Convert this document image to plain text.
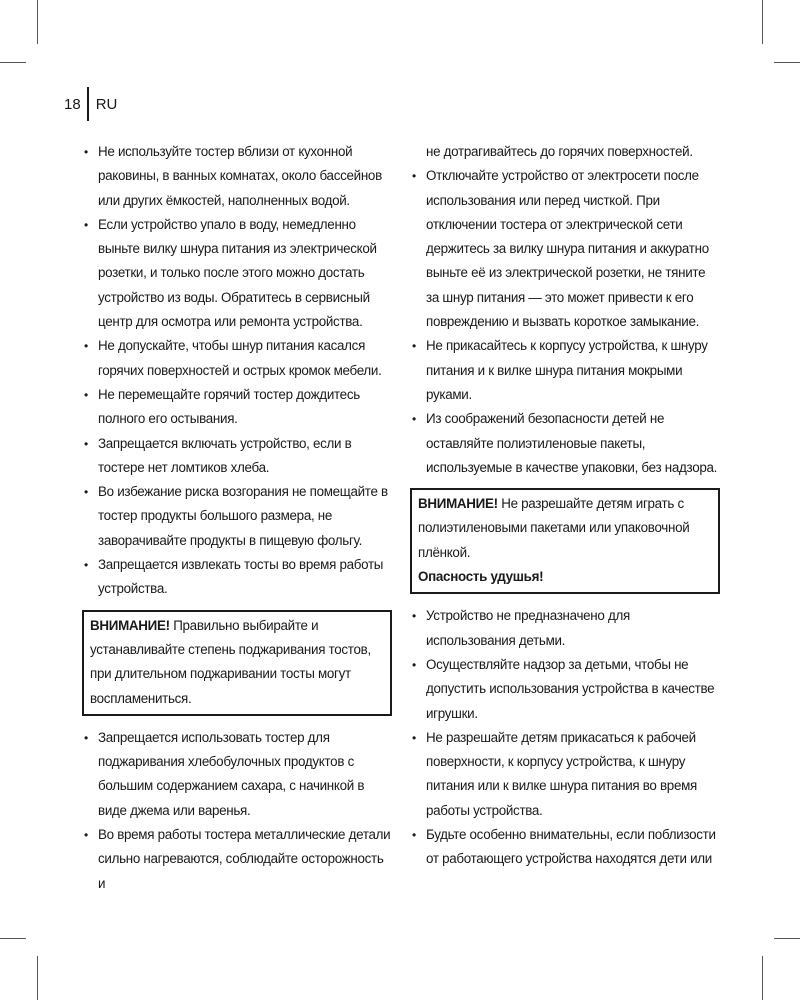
18	RU
• Не используйте тостер вблизи от кухонной раковины, в ванных комнатах, около бассейнов или других ёмкостей, наполненных водой.
• Если устройство упало в воду, немедленно выньте вилку шнура питания из электрической розетки, и только после этого можно достать устройство из воды. Обратитесь в сервисный центр для осмотра или ремонта устройства.
• Не допускайте, чтобы шнур питания касался горячих поверхностей и острых кромок мебели.
• Не перемещайте горячий тостер дождитесь полного его остывания.
• Запрещается включать устройство, если в тостере нет ломтиков хлеба.
• Во избежание риска возгорания не помещайте в тостер продукты большого размера, не заворачивайте продукты в пищевую фольгу.
• Запрещается извлекать тосты во время работы устройства.
ВНИМАНИЕ! Правильно выбирайте и устанавливайте степень поджаривания тостов, при длительном поджаривании тосты могут воспламениться.
• Запрещается использовать тостер для поджаривания хлебобулочных продуктов с большим содержанием сахара, с начинкой в виде джема или варенья.
• Во время работы тостера металлические детали сильно нагреваются, соблюдайте осторожность и
не дотрагивайтесь до горячих поверхностей.
• Отключайте устройство от электросети после использования или перед чисткой. При отключении тостера от электрической сети держитесь за вилку шнура питания и аккуратно выньте её из электрической розетки, не тяните за шнур питания — это может привести к его повреждению и вызвать короткое замыкание.
• Не прикасайтесь к корпусу устройства, к шнуру питания и к вилке шнура питания мокрыми руками.
• Из соображений безопасности детей не оставляйте полиэтиленовые пакеты, используемые в качестве упаковки, без надзора.
ВНИМАНИЕ! Не разрешайте детям играть с полиэтиленовыми пакетами или упаковочной плёнкой.
Опасность удушья!
• Устройство не предназначено для использования детьми.
• Осуществляйте надзор за детьми, чтобы не допустить использования устройства в качестве игрушки.
• Не разрешайте детям прикасаться к рабочей поверхности, к корпусу устройства, к шнуру питания или к вилке шнура питания во время работы устройства.
• Будьте особенно внимательны, если поблизости от работающего устройства находятся дети или
